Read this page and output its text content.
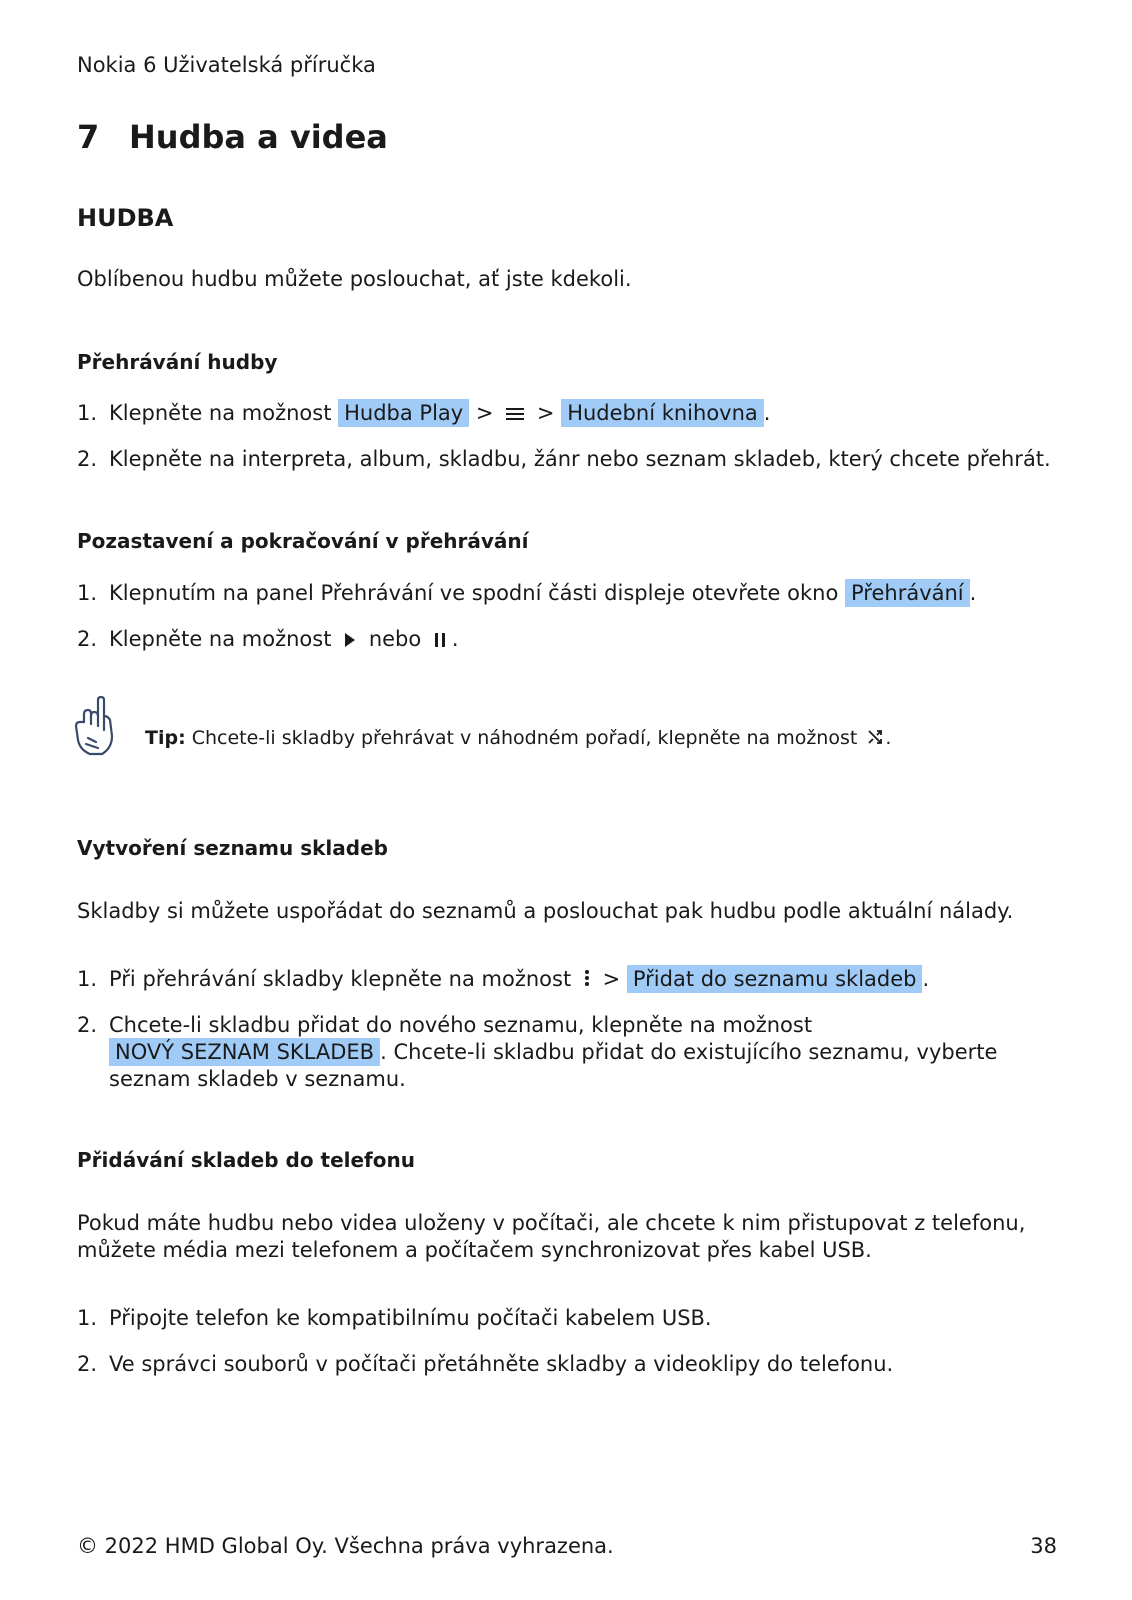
Nokia 6 Uživatelská příručka
7 Hudba a videa
HUDBA
Oblíbenou hudbu můžete poslouchat, ať jste kdekoli.
Přehrávání hudby
1. Klepněte na možnost Hudba Play > > Hudební knihovna .
2. Klepněte na interpreta, album, skladbu, žánr nebo seznam skladeb, který chcete přehrát.
Pozastavení a pokračování v přehrávání
1. Klepnutím na panel Přehrávání ve spodní části displeje otevřete okno Přehrávání .
2. Klepněte na možnost nebo .
Tip: Chcete-li skladby přehrávat v náhodném pořadí, klepněte na možnost .
Vytvoření seznamu skladeb
Skladby si můžete uspořádat do seznamů a poslouchat pak hudbu podle aktuální nálady.
1. Při přehrávání skladby klepněte na možnost > Přidat do seznamu skladeb .
2. Chcete-li skladbu přidat do nového seznamu, klepněte na možnost
NOVÝ SEZNAM SKLADEB . Chcete-li skladbu přidat do existujícího seznamu, vyberte
seznam skladeb v seznamu.
Přidávání skladeb do telefonu
Pokud máte hudbu nebo videa uloženy v počítači, ale chcete k nim přistupovat z telefonu,
můžete média mezi telefonem a počítačem synchronizovat přes kabel USB.
1. Připojte telefon ke kompatibilnímu počítači kabelem USB.
2. Ve správci souborů v počítači přetáhněte skladby a videoklipy do telefonu.
© 2022 HMD Global Oy. Všechna práva vyhrazena.	38
